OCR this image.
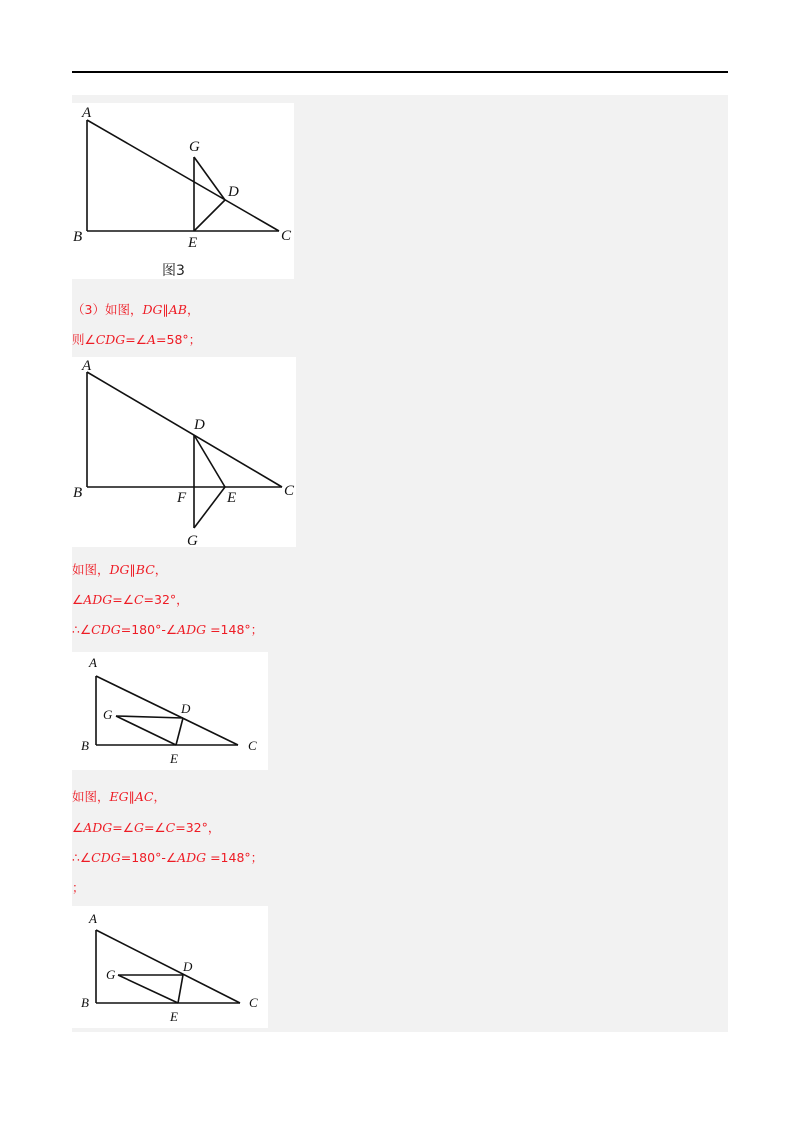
A
B	C
D
E
G
图3
（3）如图，DG∥AB，
则∠CDG=∠A=58°；
A
B	C
D
E
F
G
如图，DG∥BC，
∠ADG=∠C=32°，
∴∠CDG=180°-∠ADG =148°；
A
B	C
D
E
G
如图，EG∥AC，
∠ADG=∠G=∠C=32°，
∴∠CDG=180°-∠ADG =148°；
；
A
B	C
D
E
G
